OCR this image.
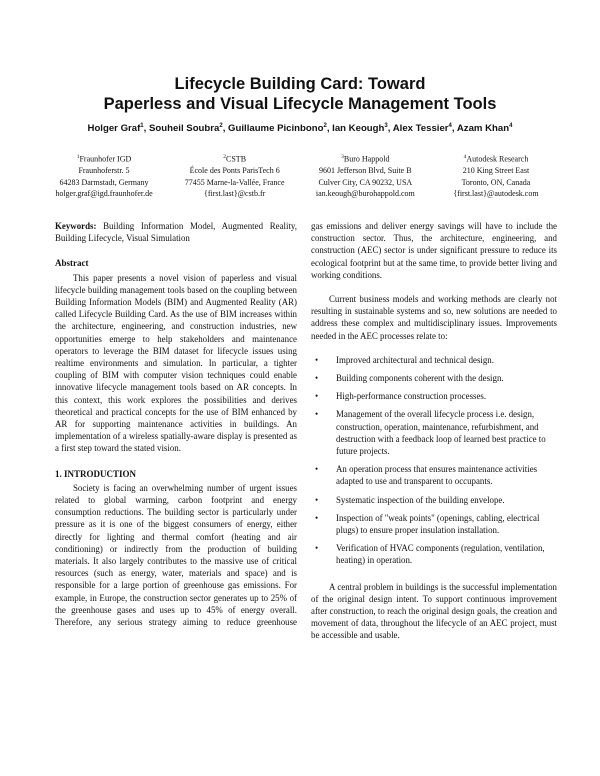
Lifecycle Building Card: Toward
Paperless and Visual Lifecycle Management Tools
Holger Graf$^1$, Souheil Soubra$^2$, Guillaume Picinbono$^2$, Ian Keough$^3$, Alex Tessier$^4$, Azam Khan$^4$
$^1$Fraunhofer IGD
Fraunhoferstr. 5
64283 Darmstadt, Germany
holger.graf@igd.fraunhofer.de
$^2$CSTB
École des Ponts ParisTech 6
77455 Marne-la-Vallée, France
{first.last}@cstb.fr
$^3$Buro Happold
9601 Jefferson Blvd, Suite B
Culver City, CA 90232, USA
ian.keough@burohappold.com
$^4$Autodesk Research
210 King Street East
Toronto, ON, Canada
{first.last}@autodesk.com

Keywords: Building Information Model, Augmented Reality, Building Lifecycle, Visual Simulation

Abstract

This paper presents a novel vision of paperless and visual lifecycle building management tools based on the coupling between Building Information Models (BIM) and Augmented Reality (AR) called Lifecycle Building Card. As the use of BIM increases within the architecture, engineering, and construction industries, new opportunities emerge to help stakeholders and maintenance operators to leverage the BIM dataset for lifecycle issues using realtime environments and simulation. In particular, a tighter coupling of BIM with computer vision techniques could enable innovative lifecycle management tools based on AR concepts. In this context, this work explores the possibilities and derives theoretical and practical concepts for the use of BIM enhanced by AR for supporting maintenance activities in buildings. An implementation of a wireless spatially-aware display is presented as a first step toward the stated vision.

1. INTRODUCTION

Society is facing an overwhelming number of urgent issues related to global warming, carbon footprint and energy consumption reductions. The building sector is particularly under pressure as it is one of the biggest consumers of energy, either directly for lighting and thermal comfort (heating and air conditioning) or indirectly from the production of building materials. It also largely contributes to the massive use of critical resources (such as energy, water, materials and space) and is responsible for a large portion of greenhouse gas emissions. For example, in Europe, the construction sector generates up to 25% of the greenhouse gases and uses up to 45% of energy overall. Therefore, any serious strategy aiming to reduce greenhouse

gas emissions and deliver energy savings will have to include the construction sector. Thus, the architecture, engineering, and construction (AEC) sector is under significant pressure to reduce its ecological footprint but at the same time, to provide better living and working conditions.

Current business models and working methods are clearly not resulting in sustainable systems and so, new solutions are needed to address these complex and multidisciplinary issues. Improvements needed in the AEC processes relate to:

• Improved architectural and technical design.
• Building components coherent with the design.
• High-performance construction processes.
• Management of the overall lifecycle process i.e. design, construction, operation, maintenance, refurbishment, and destruction with a feedback loop of learned best practice to future projects.
• An operation process that ensures maintenance activities adapted to use and transparent to occupants.
• Systematic inspection of the building envelope.
• Inspection of "weak points" (openings, cabling, electrical plugs) to ensure proper insulation installation.
• Verification of HVAC components (regulation, ventilation, heating) in operation.

A central problem in buildings is the successful implementation of the original design intent. To support continuous improvement after construction, to reach the original design goals, the creation and movement of data, throughout the lifecycle of an AEC project, must be accessible and usable.
